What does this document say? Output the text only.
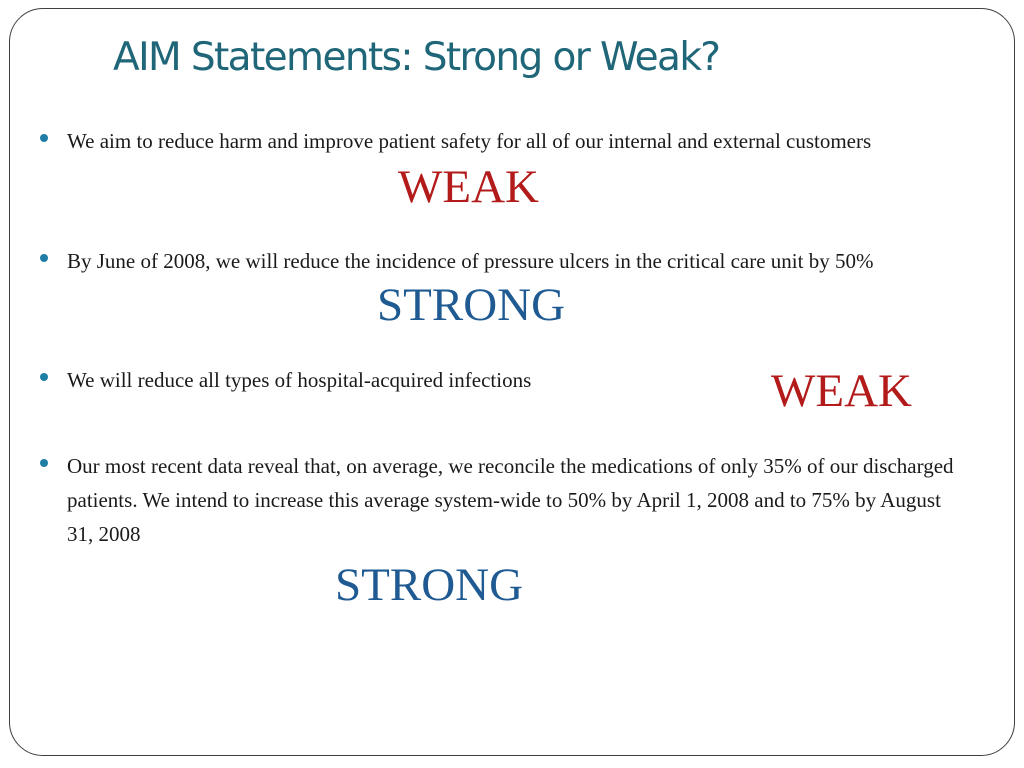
AIM Statements: Strong or Weak?

We aim to reduce harm and improve patient safety for all of our internal and external customers

WEAK

By June of 2008, we will reduce the incidence of pressure ulcers in the critical care unit by 50%

STRONG

We will reduce all types of hospital-acquired infections	WEAK

Our most recent data reveal that, on average, we reconcile the medications of only 35% of our discharged patients. We intend to increase this average system-wide to 50% by April 1, 2008 and to 75% by August 31, 2008

STRONG
